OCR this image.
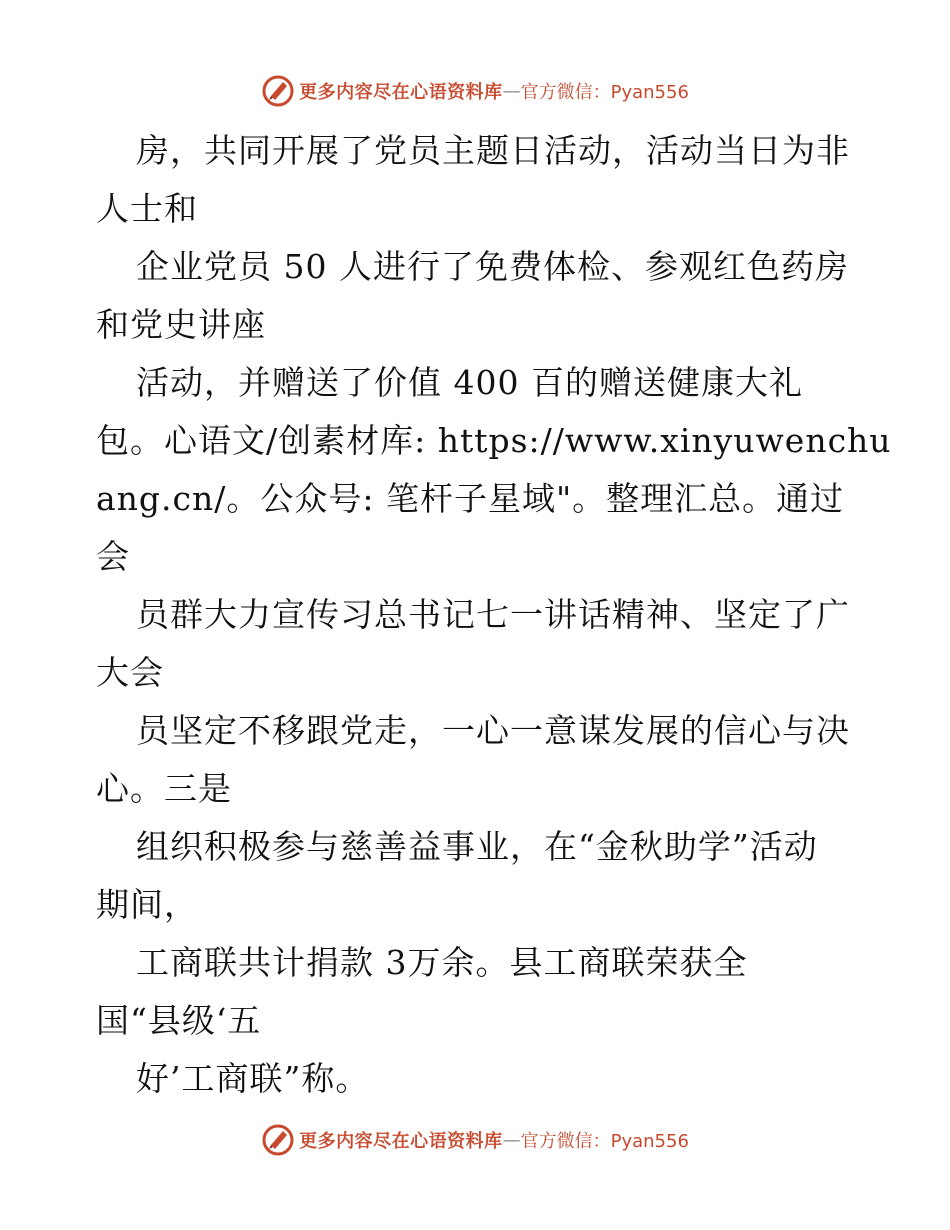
更多内容尽在心语资料库 — 官方微信：Pyan556
房，共同开展了党员主题日活动，活动当日为非
人士和
企业党员 50 人进行了免费体检、参观红色药房
和党史讲座
活动，并赠送了价值 400 百的赠送健康大礼
包。心语文/创素材库: https://www.xinyuwenchu
ang.cn/。公众号: 笔杆子星域"。整理汇总。通过
会
员群大力宣传习总书记七一讲话精神、坚定了广
大会
员坚定不移跟党走，一心一意谋发展的信心与决
心。三是
组织积极参与慈善益事业，在“金秋助学”活动
期间，
工商联共计捐款 3万余。县工商联荣获全
国“县级‘五
好’工商联”称。
更多内容尽在心语资料库 — 官方微信：Pyan556
